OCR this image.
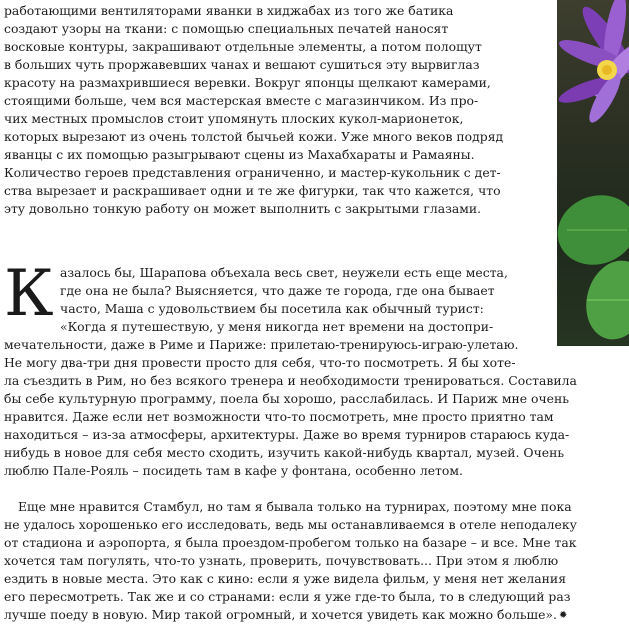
работающими вентиляторами яванки в хиджабах из того же батика
создают узоры на ткани: с помощью специальных печатей наносят
восковые контуры, закрашивают отдельные элементы, а потом полощут
в больших чуть проржавевших чанах и вешают сушиться эту вырвиглаз
красоту на размахрившиеся веревки. Вокруг японцы щелкают камерами,
стоящими больше, чем вся мастерская вместе с магазинчиком. Из про-
чих местных промыслов стоит упомянуть плоских кукол-марионеток,
которых вырезают из очень толстой бычьей кожи. Уже много веков подряд
яванцы с их помощью разыгрывают сцены из Махабхараты и Рамаяны.
Количество героев представления ограниченно, и мастер-кукольник с дет-
ства вырезает и раскрашивает одни и те же фигурки, так что кажется, что
эту довольно тонкую работу он может выполнить с закрытыми глазами.
К азалось бы, Шарапова объехала весь свет, неужели есть еще места,
где она не была? Выясняется, что даже те города, где она бывает
часто, Маша с удовольствием бы посетила как обычный турист:
«Когда я путешествую, у меня никогда нет времени на достопри-
мечательности, даже в Риме и Париже: прилетаю-тренируюсь-играю-улетаю.
Не могу два-три дня провести просто для себя, что-то посмотреть. Я бы хоте-
ла съездить в Рим, но без всякого тренера и необходимости тренироваться. Составила
бы себе культурную программу, поела бы хорошо, расслабилась. И Париж мне очень
нравится. Даже если нет возможности что-то посмотреть, мне просто приятно там
находиться – из-за атмосферы, архитектуры. Даже во время турниров стараюсь куда-
нибудь в новое для себя место сходить, изучить какой-нибудь квартал, музей. Очень
люблю Пале-Рояль – посидеть там в кафе у фонтана, особенно летом.
Еще мне нравится Стамбул, но там я бывала только на турнирах, поэтому мне пока
не удалось хорошенько его исследовать, ведь мы останавливаемся в отеле неподалеку
от стадиона и аэропорта, я была проездом-пробегом только на базаре – и все. Мне так
хочется там погулять, что-то узнать, проверить, почувствовать... При этом я люблю
ездить в новые места. Это как с кино: если я уже видела фильм, у меня нет желания
его пересмотреть. Так же и со странами: если я уже где-то была, то в следующий раз
лучше поеду в новую. Мир такой огромный, и хочется увидеть как можно больше». ✹
